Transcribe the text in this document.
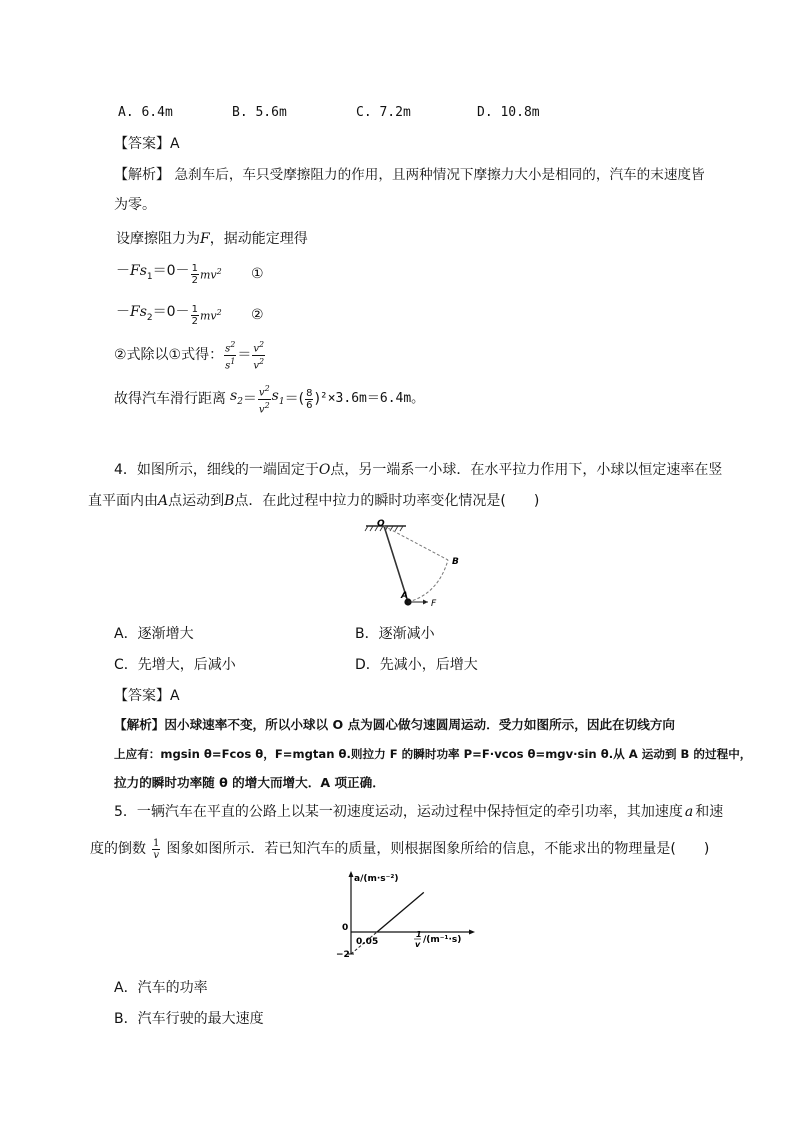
A. 6.4m	B. 5.6m	C. 7.2m	D. 10.8m
【答案】A
【解析】 急刹车后，车只受摩擦阻力的作用，且两种情况下摩擦力大小是相同的，汽车的末速度皆
为零。
设摩擦阻力为F，据动能定理得
$-Fs_1=0- \frac{1}{2} mv^2$ ①
$-Fs_2=0- \frac{1}{2} mv^2$ ②
②式除以①式得： $\frac{s^2}{s^1} = \frac{v^2}{v^2}$
故得汽车滑行距离 $s_2 = \frac{v^2}{v^2} s_1$ ＝ ( $\frac{8}{6}$ ) ²×3.6m＝6.4m。
4．如图所示，细线的一端固定于O点，另一端系一小球．在水平拉力作用下，小球以恒定速率在竖
直平面内由A点运动到B点．在此过程中拉力的瞬时功率变化情况是(　　)
O
B
A
F
A．逐渐增大	B．逐渐减小
C．先增大，后减小	D．先减小，后增大
【答案】A
【解析】因小球速率不变，所以小球以 O 点为圆心做匀速圆周运动．受力如图所示，因此在切线方向
上应有：mgsin θ=Fcos θ，F=mgtan θ.则拉力 F 的瞬时功率 P=F·vcos θ=mgv·sin θ.从 A 运动到 B 的过程中，
拉力的瞬时功率随 θ 的增大而增大．A 项正确．
5．一辆汽车在平直的公路上以某一初速度运动，运动过程中保持恒定的牵引功率，其加速度 a 和速
度的倒数 $\frac{1}{v}$ 图象如图所示．若已知汽车的质量，则根据图象所给的信息，不能求出的物理量是(　　)
a/(m·s⁻²)
0
0.05
−2
1
v /(m⁻¹·s)
A．汽车的功率
B．汽车行驶的最大速度
